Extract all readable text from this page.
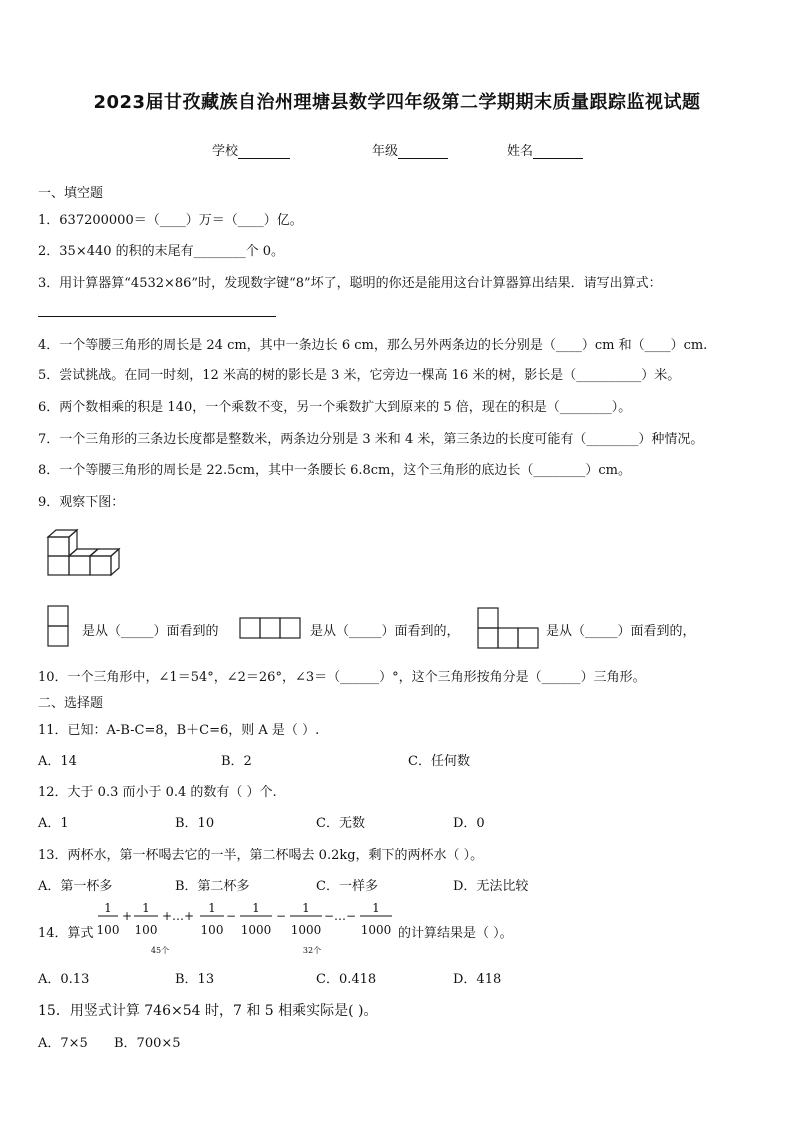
2023届甘孜藏族自治州理塘县数学四年级第二学期期末质量跟踪监视试题
学校	年级	姓名
一、填空题
1．637200000＝（____）万＝（____）亿。
2．35×440 的积的末尾有________个 0。
3．用计算器算“4532×86”时，发现数字键“8”坏了，聪明的你还是能用这台计算器算出结果．请写出算式：
4．一个等腰三角形的周长是 24 cm，其中一条边长 6 cm，那么另外两条边的长分别是（____）cm 和（____）cm.
5．尝试挑战。在同一时刻，12 米高的树的影长是 3 米，它旁边一棵高 16 米的树，影长是（__________）米。
6．两个数相乘的积是 140，一个乘数不变，另一个乘数扩大到原来的 5 倍，现在的积是（________）。
7．一个三角形的三条边长度都是整数米，两条边分别是 3 米和 4 米，第三条边的长度可能有（________）种情况。
8．一个等腰三角形的周长是 22.5cm，其中一条腰长 6.8cm，这个三角形的底边长（________）cm。
9．观察下图：
是从（_____）面看到的	是从（_____）面看到的，	是从（_____）面看到的，
10．一个三角形中，∠1＝54°，∠2＝26°，∠3＝（______）°，这个三角形按角分是（______）三角形。
二、选择题
11．已知：A-B-C=8，B＋C=6，则 A 是（ ）.
A．14	B．2	C．任何数
12．大于 0.3 而小于 0.4 的数有（ ）个.
A．1	B．10	C．无数	D．0
13．两杯水，第一杯喝去它的一半，第二杯喝去 0.2kg，剩下的两杯水（ ）。
A．第一杯多	B．第二杯多	C．一样多	D．无法比较
14．算式
1
100
+
1
100
+…+
1
100
−
1
1000
−
1
1000
−…−
1
1000
45个	32个
的计算结果是（ ）。
A．0.13	B．13	C．0.418	D．418
15．用竖式计算 746×54 时，7 和 5 相乘实际是( )。
A．7×5 B．700×5
